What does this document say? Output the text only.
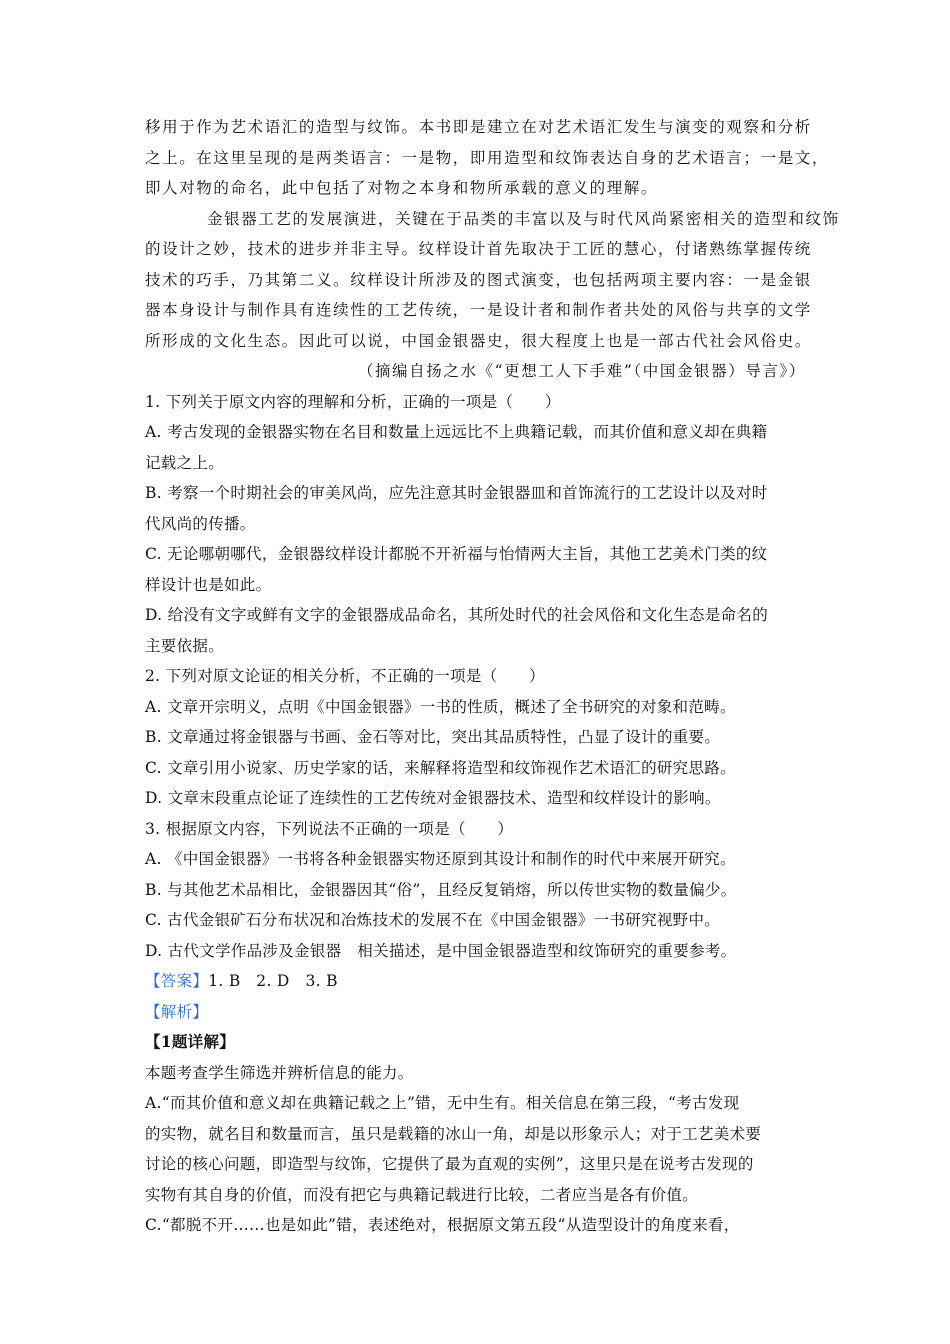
移用于作为艺术语汇的造型与纹饰。本书即是建立在对艺术语汇发生与演变的观察和分析
之上。在这里呈现的是两类语言：一是物，即用造型和纹饰表达自身的艺术语言；一是文，
即人对物的命名，此中包括了对物之本身和物所承载的意义的理解。
金银器工艺的发展演进，关键在于品类的丰富以及与时代风尚紧密相关的造型和纹饰
的设计之妙，技术的进步并非主导。纹样设计首先取决于工匠的慧心，付诸熟练掌握传统
技术的巧手，乃其第二义。纹样设计所涉及的图式演变，也包括两项主要内容：一是金银
器本身设计与制作具有连续性的工艺传统，一是设计者和制作者共处的风俗与共享的文学
所形成的文化生态。因此可以说，中国金银器史，很大程度上也是一部古代社会风俗史。
（摘编自扬之水《“更想工人下手难”（中国金银器）导言》）
1. 下列关于原文内容的理解和分析，正确的一项是（　　）
A. 考古发现的金银器实物在名目和数量上远远比不上典籍记载，而其价值和意义却在典籍
记载之上。
B. 考察一个时期社会的审美风尚，应先注意其时金银器皿和首饰流行的工艺设计以及对时
代风尚的传播。
C. 无论哪朝哪代，金银器纹样设计都脱不开祈福与怡情两大主旨，其他工艺美术门类的纹
样设计也是如此。
D. 给没有文字或鲜有文字的金银器成品命名，其所处时代的社会风俗和文化生态是命名的
主要依据。
2. 下列对原文论证的相关分析，不正确的一项是（　　）
A. 文章开宗明义，点明《中国金银器》一书的性质，概述了全书研究的对象和范畴。
B. 文章通过将金银器与书画、金石等对比，突出其品质特性，凸显了设计的重要。
C. 文章引用小说家、历史学家的话，来解释将造型和纹饰视作艺术语汇的研究思路。
D. 文章末段重点论证了连续性的工艺传统对金银器技术、造型和纹样设计的影响。
3. 根据原文内容，下列说法不正确的一项是（　　）
A. 《中国金银器》一书将各种金银器实物还原到其设计和制作的时代中来展开研究。
B. 与其他艺术品相比，金银器因其“俗”，且经反复销熔，所以传世实物的数量偏少。
C. 古代金银矿石分布状况和冶炼技术的发展不在《中国金银器》一书研究视野中。
D. 古代文学作品涉及金银器　相关描述，是中国金银器造型和纹饰研究的重要参考。
【答案】1. B　2. D　3. B
【解析】
【1题详解】
本题考查学生筛选并辨析信息的能力。
A.“而其价值和意义却在典籍记载之上”错，无中生有。相关信息在第三段，“考古发现
的实物，就名目和数量而言，虽只是载籍的冰山一角，却是以形象示人；对于工艺美术要
讨论的核心问题，即造型与纹饰，它提供了最为直观的实例”，这里只是在说考古发现的
实物有其自身的价值，而没有把它与典籍记载进行比较，二者应当是各有价值。
C.“都脱不开……也是如此”错，表述绝对，根据原文第五段“从造型设计的角度来看，
